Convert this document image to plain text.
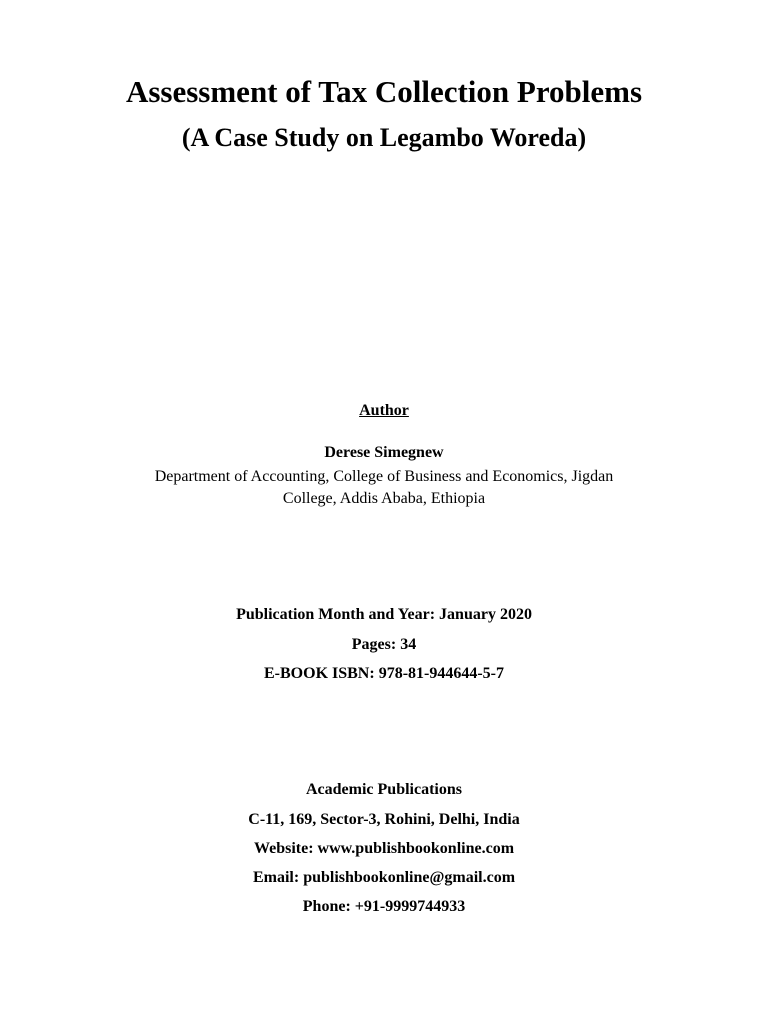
Assessment of Tax Collection Problems
(A Case Study on Legambo Woreda)
Author
Derese Simegnew
Department of Accounting, College of Business and Economics, Jigdan
College, Addis Ababa, Ethiopia
Publication Month and Year: January 2020
Pages: 34
E-BOOK ISBN: 978-81-944644-5-7
Academic Publications
C-11, 169, Sector-3, Rohini, Delhi, India
Website: www.publishbookonline.com
Email: publishbookonline@gmail.com
Phone: +91-9999744933
